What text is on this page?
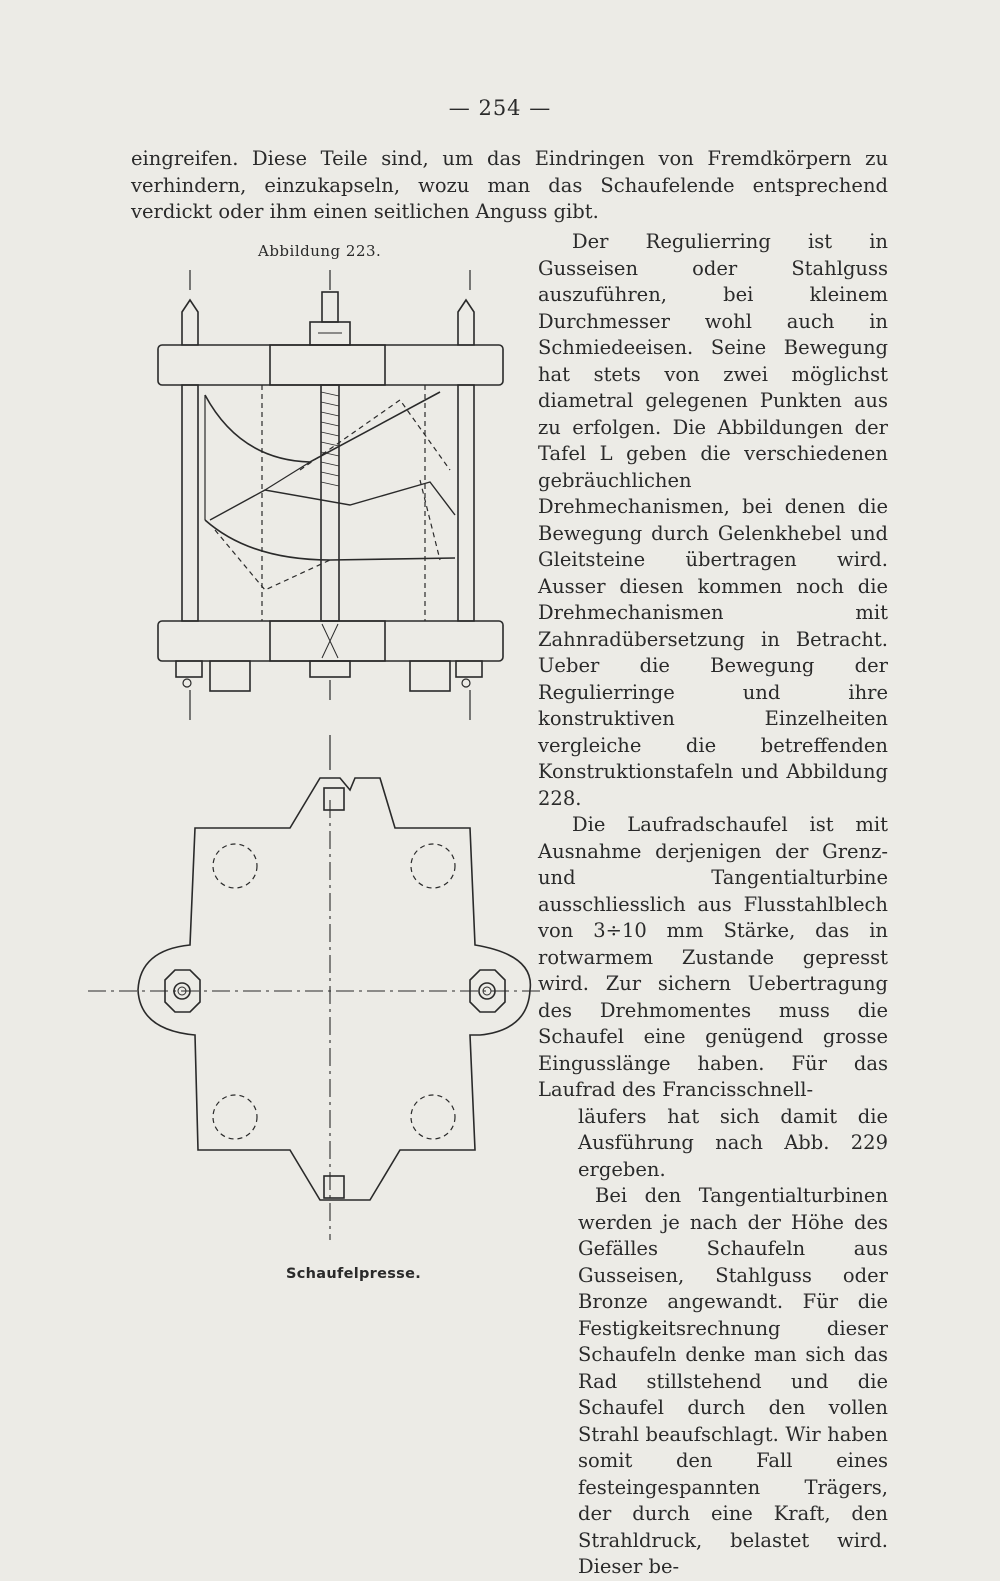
— 254 —

eingreifen. Diese Teile sind, um das Eindringen von Fremdkörpern zu verhindern, einzukapseln, wozu man das Schaufelende entsprechend verdickt oder ihm einen seitlichen Anguss gibt.

Abbildung 223.
Schaufelpresse.

Der Regulierring ist in Gusseisen oder Stahlguss auszuführen, bei kleinem Durchmesser wohl auch in Schmiedeeisen. Seine Bewegung hat stets von zwei möglichst diametral gelegenen Punkten aus zu erfolgen. Die Abbildungen der Tafel L geben die verschiedenen gebräuchlichen Drehmechanismen, bei denen die Bewegung durch Gelenkhebel und Gleitsteine übertragen wird. Ausser diesen kommen noch die Drehmechanismen mit Zahnradübersetzung in Betracht. Ueber die Bewegung der Regulierringe und ihre konstruktiven Einzelheiten vergleiche die betreffenden Konstruktionstafeln und Abbildung 228.

Die Laufradschaufel ist mit Ausnahme derjenigen der Grenz- und Tangentialturbine ausschliesslich aus Flusstahlblech von 3÷10 mm Stärke, das in rotwarmem Zustande gepresst wird. Zur sichern Uebertragung des Drehmomentes muss die Schaufel eine genügend grosse Eingusslänge haben. Für das Laufrad des Francisschnell-

läufers hat sich damit die Ausführung nach Abb. 229 ergeben.

Bei den Tangentialturbinen werden je nach der Höhe des Gefälles Schaufeln aus Gusseisen, Stahlguss oder Bronze angewandt. Für die Festigkeitsrechnung dieser Schaufeln denke man sich das Rad stillstehend und die Schaufel durch den vollen Strahl beaufschlagt. Wir haben somit den Fall eines festeingespannten Trägers, der durch eine Kraft, den Strahldruck, belastet wird. Dieser be-
